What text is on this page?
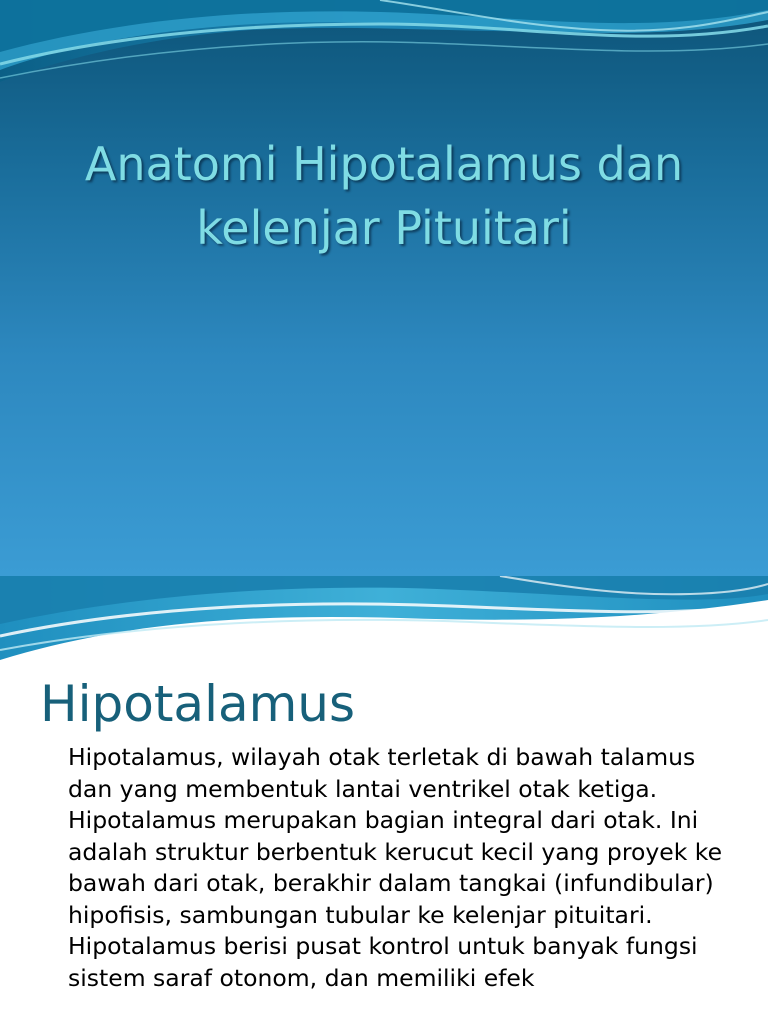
Anatomi Hipotalamus dan kelenjar Pituitari
Hipotalamus

Hipotalamus, wilayah otak terletak di bawah talamus dan yang membentuk lantai ventrikel otak ketiga. Hipotalamus merupakan bagian integral dari otak. Ini adalah struktur berbentuk kerucut kecil yang proyek ke bawah dari otak, berakhir dalam tangkai (infundibular) hipofisis, sambungan tubular ke kelenjar pituitari. Hipotalamus berisi pusat kontrol untuk banyak fungsi sistem saraf otonom, dan memiliki efek
